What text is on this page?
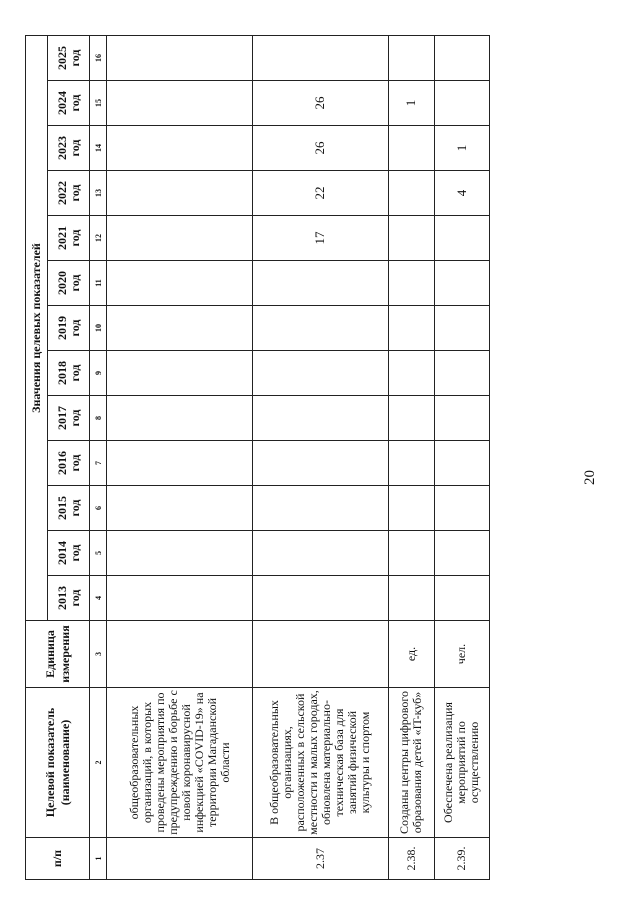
п/п	Целевой показатель (наименование)	Единица измерения	Значения целевых показателей												
			2013 год	2014 год	2015 год	2016 год	2017 год	2018 год	2019 год	2020 год	2021 год	2022 год	2023 год	2024 год	2025 год
1	2	3	4	5	6	7	8	9	10	11	12	13	14	15	16
	общеобразовательных организаций, в которых проведены мероприятия по предупреждению и борьбе с новой коронавирусной инфекцией «COVID-19» на территории Магаданской области														
2.37	В общеобразовательных организациях, расположенных в сельской местности и малых городах, обновлена материально-техническая база для занятий физической культуры и спортом										17	22	26	26	
2.38.	Созданы центры цифрового образования детей «IT-куб»	ед.												1	
2.39.	Обеспечена реализация мероприятий по осуществлению	чел.										4	1		
20
